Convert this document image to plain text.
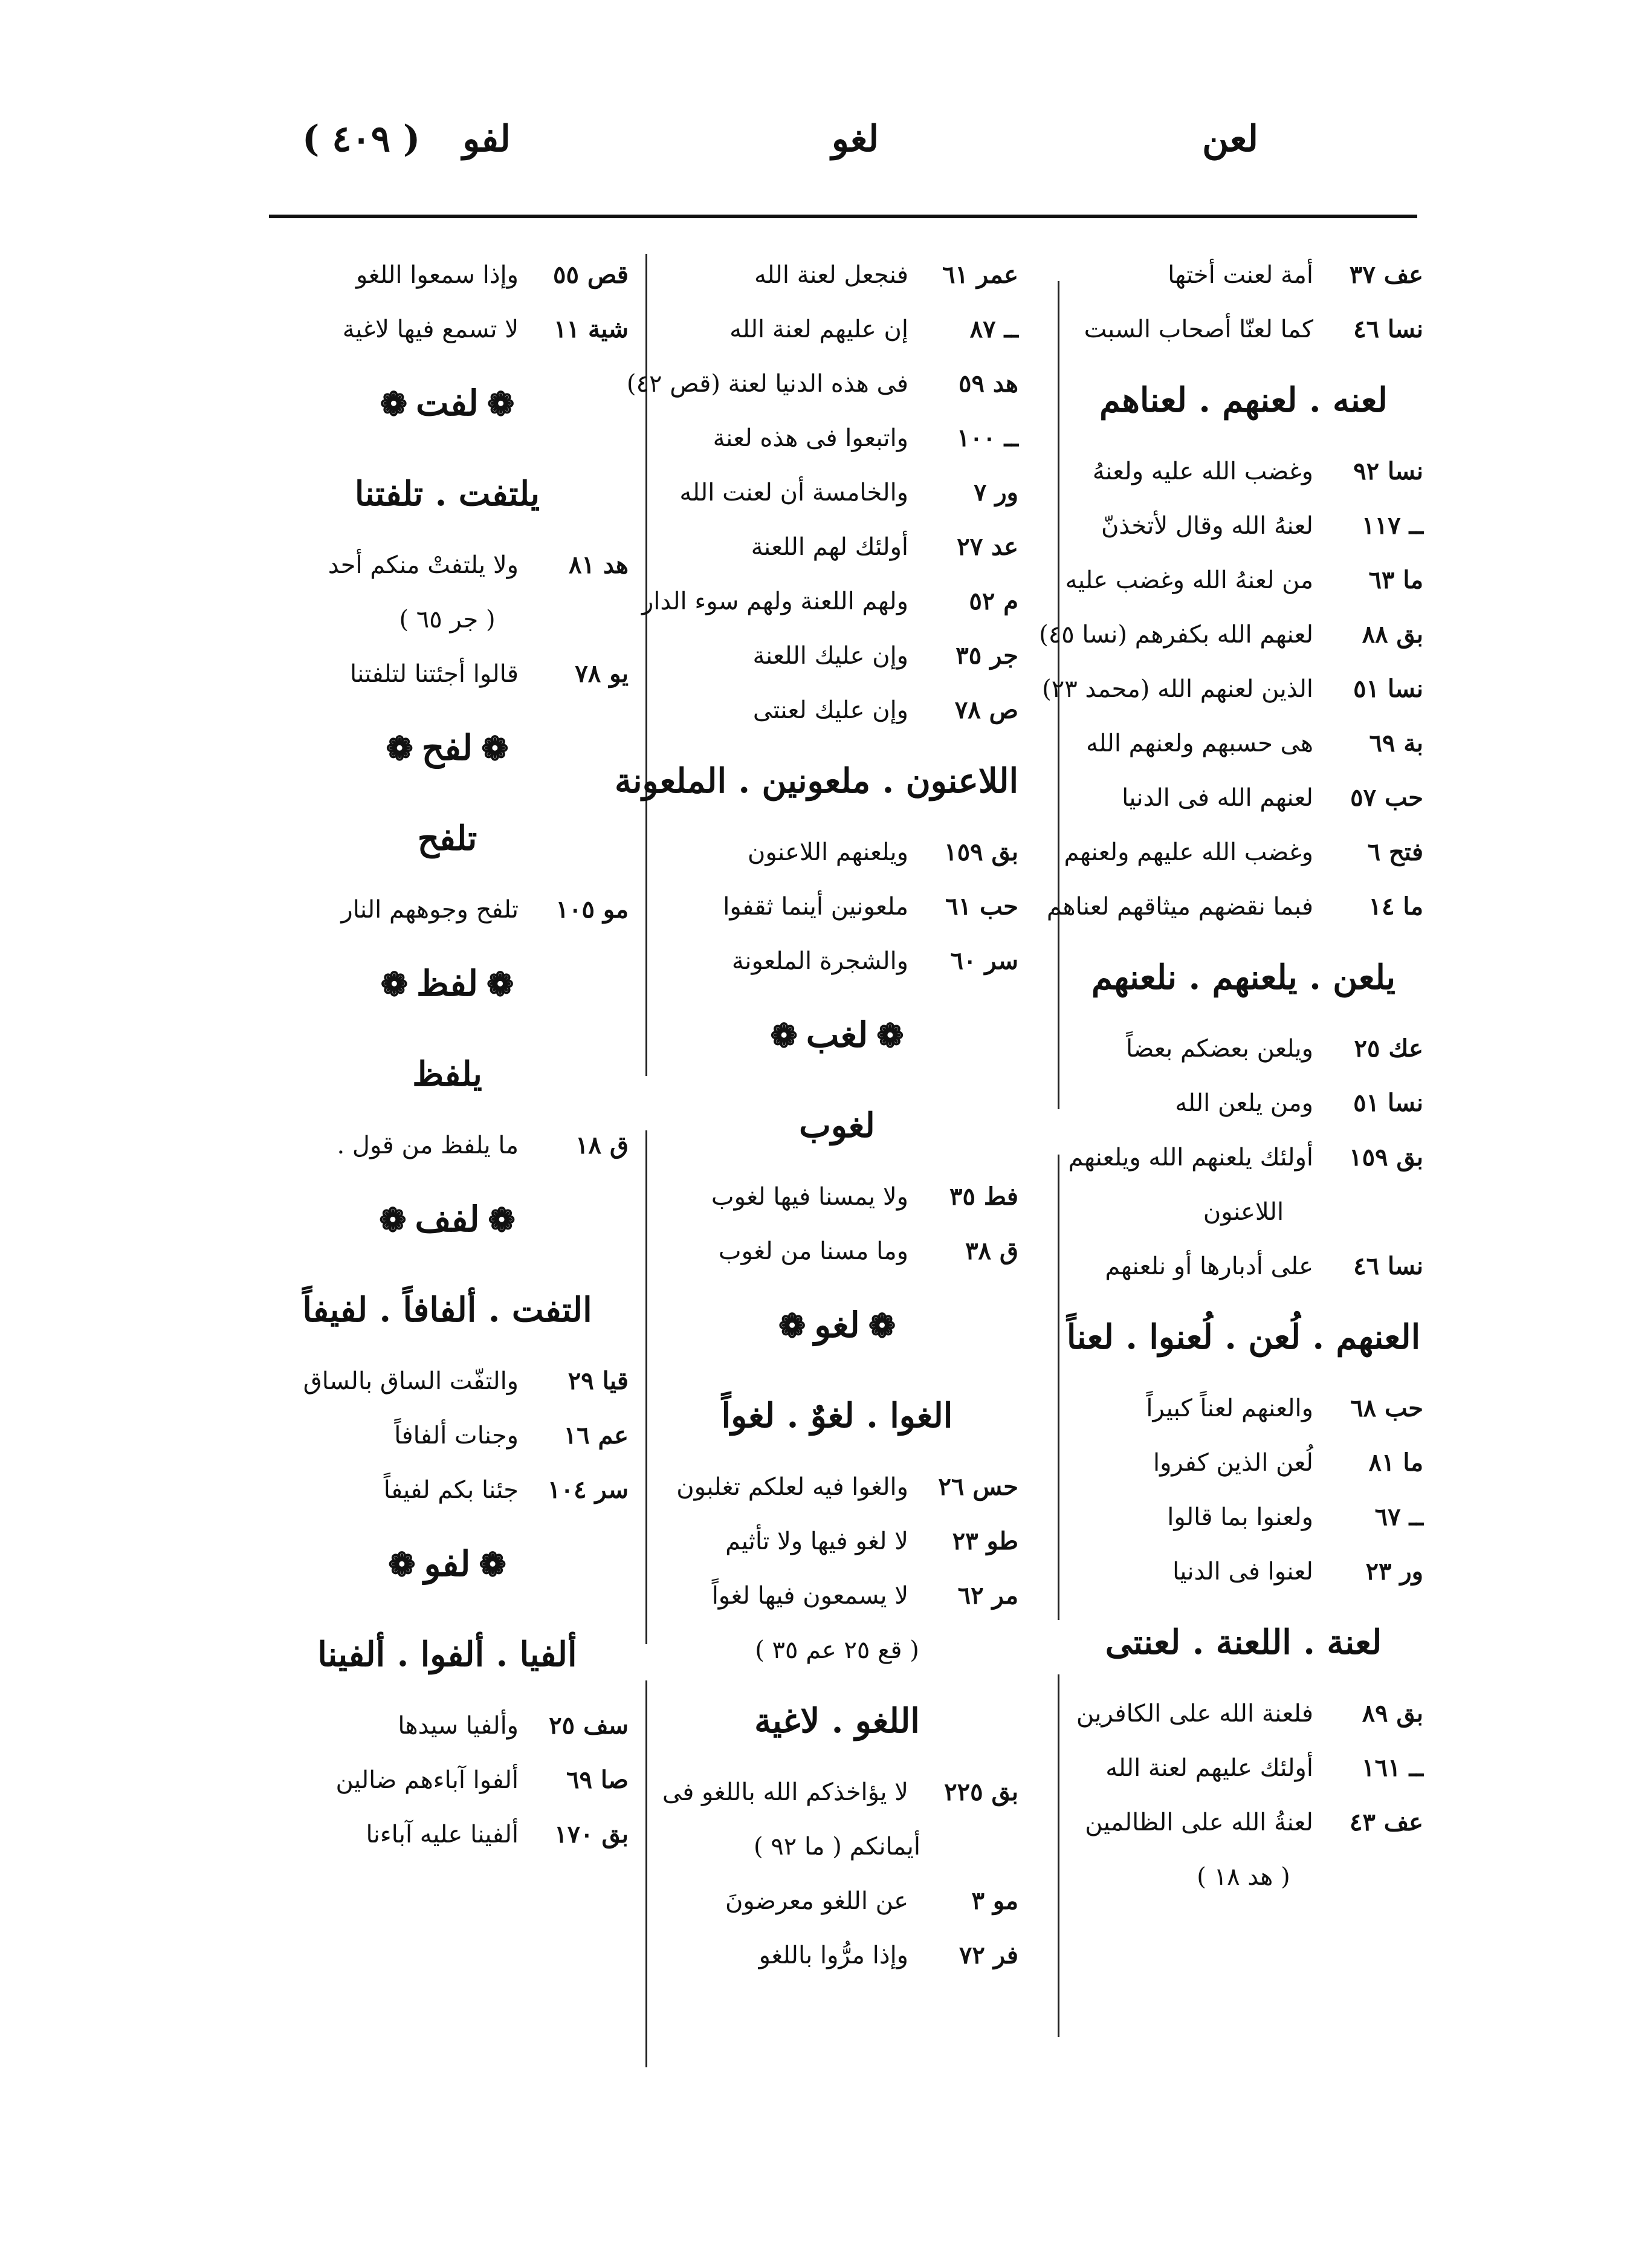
لعن
لغو
( ٤٠٩ ) لفو
عف ٣٧
أمة لعنت أختها
نسا ٤٦
كما لعنّا أصحاب السبت
لعنه . لعنهم . لعناهم
نسا ٩٢
وغضب الله عليه ولعنهُ
ــ ١١٧
لعنهُ الله وقال لأتخذنّ
ما ٦٣
من لعنهُ الله وغضب عليه
بق ٨٨
لعنهم الله بكفرهم (نسا ٤٥)
نسا ٥١
الذين لعنهم الله (محمد ٢٣)
بة ٦٩
هى حسبهم ولعنهم الله
حب ٥٧
لعنهم الله فى الدنيا
فتح ٦
وغضب الله عليهم ولعنهم
ما ١٤
فبما نقضهم ميثاقهم لعناهم
يلعن . يلعنهم . نلعنهم
عك ٢٥
ويلعن بعضكم بعضاً
نسا ٥١
ومن يلعن الله
بق ١٥٩
أولئك يلعنهم الله ويلعنهم
اللاعنون
نسا ٤٦
على أدبارها أو نلعنهم
العنهم . لُعن . لُعنوا . لعناً
حب ٦٨
والعنهم لعناً كبيراً
ما ٨١
لُعن الذين كفروا
ــ ٦٧
ولعنوا بما قالوا
ور ٢٣
لعنوا فى الدنيا
لعنة . اللعنة . لعنتى
بق ٨٩
فلعنة الله على الكافرين
ــ ١٦١
أولئك عليهم لعنة الله
عف ٤٣
لعنةُ الله على الظالمين
( هد ١٨ )
عمر ٦١
فنجعل لعنة الله
ــ ٨٧
إن عليهم لعنة الله
هد ٥٩
فى هذه الدنيا لعنة (قص ٤٢)
ــ ١٠٠
واتبعوا فى هذه لعنة
ور ٧
والخامسة أن لعنت الله
عد ٢٧
أولئك لهم اللعنة
م ٥٢
ولهم اللعنة ولهم سوء الدار
جر ٣٥
وإن عليك اللعنة
ص ٧٨
وإن عليك لعنتى
اللاعنون . ملعونين . الملعونة
بق ١٥٩
ويلعنهم اللاعنون
حب ٦١
ملعونين أينما ثقفوا
سر ٦٠
والشجرة الملعونة
❁لغب❁
لغوب
فط ٣٥
ولا يمسنا فيها لغوب
ق ٣٨
وما مسنا من لغوب
❁لغو❁
الغوا . لغوٌ . لغواً
حس ٢٦
والغوا فيه لعلكم تغلبون
طو ٢٣
لا لغو فيها ولا تأثيم
مر ٦٢
لا يسمعون فيها لغواً
( قع ٢٥ عم ٣٥ )
اللغو . لاغية
بق ٢٢٥
لا يؤاخذكم الله باللغو فى
أيمانكم ( ما ٩٢ )
مو ٣
عن اللغو معرضونَ
فر ٧٢
وإذا مرُّوا باللغو
قص ٥٥
وإذا سمعوا اللغو
شية ١١
لا تسمع فيها لاغية
❁لفت❁
يلتفت . تلفتنا
هد ٨١
ولا يلتفتْ منكم أحد
( جر ٦٥ )
يو ٧٨
قالوا أجئتنا لتلفتنا
❁لفح❁
تلفح
مو ١٠٥
تلفح وجوههم النار
❁لفظ❁
يلفظ
ق ١٨
ما يلفظ من قول .
❁لفف❁
التفت . ألفافاً . لفيفاً
قيا ٢٩
والتفّت الساق بالساق
عم ١٦
وجنات ألفافاً
سر ١٠٤
جئنا بكم لفيفاً
❁لفو❁
ألفيا . ألفوا . ألفينا
سف ٢٥
وألفيا سيدها
صا ٦٩
ألفوا آباءهم ضالين
بق ١٧٠
ألفينا عليه آباءنا
